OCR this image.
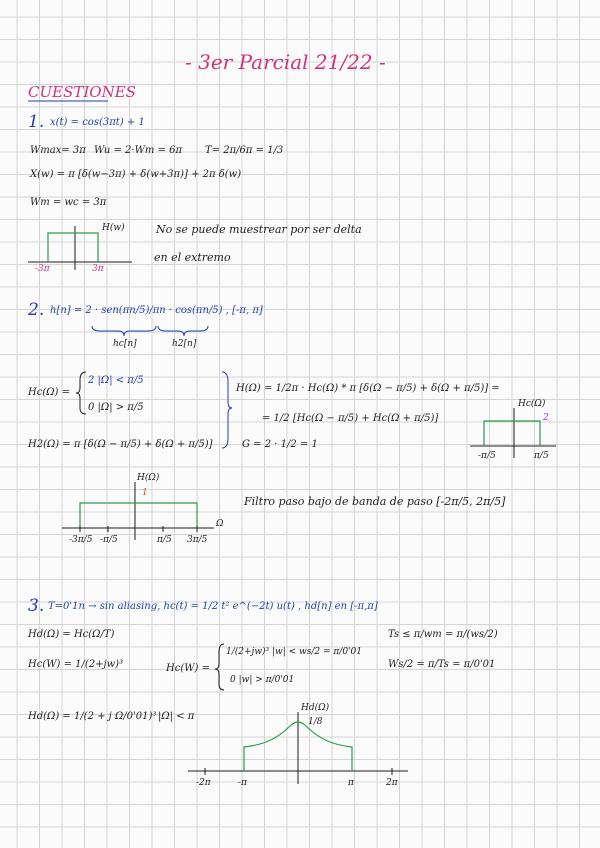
- 3er Parcial 21/22 -
CUESTIONES
1. x(t) = cos(3πt) + 1
Wmax= 3π Wu = 2·Wm = 6π T= 2π/6π = 1/3
X(w) = π [δ(w−3π) + δ(w+3π)] + 2π δ(w)
Wm = wc = 3π
H(w)
-3π	3π
No se puede muestrear por ser delta
en el extremo
2. h[n] = 2 · sen(πn/5)/πn · cos(πn/5) , [-π, π]
hc[n]	h2[n]
Hc(Ω) =
2 |Ω| < π/5
0 |Ω| > π/5
H2(Ω) = π [δ(Ω − π/5) + δ(Ω + π/5)]
H(Ω) = 1/2π · Hc(Ω) * π [δ(Ω − π/5) + δ(Ω + π/5)] =
= 1/2 [Hc(Ω − π/5) + Hc(Ω + π/5)]
G = 2 · 1/2 = 1
Hc(Ω)
2
-π/5	π/5
H(Ω)
1
Ω
-3π/5 -π/5	π/5 3π/5
Filtro paso bajo de banda de paso [-2π/5, 2π/5]
3. T=0'1n → sin aliasing, hc(t) = 1/2 t² e^(−2t) u(t) , hd[n] en [-π,π]
Hd(Ω) = Hc(Ω/T)	Ts ≤ π/wm = π/(ws/2)
Hc(W) = 1/(2+jw)³	Hc(W) =
1/(2+jw)³ |w| < ws/2 = π/0'01
0 |w| > π/0'01
Ws/2 = π/Ts = π/0'01
Hd(Ω) = 1/(2 + j Ω/0'01)³ |Ω| < π
Hd(Ω)
1/8
-2π	-π	π	2π
